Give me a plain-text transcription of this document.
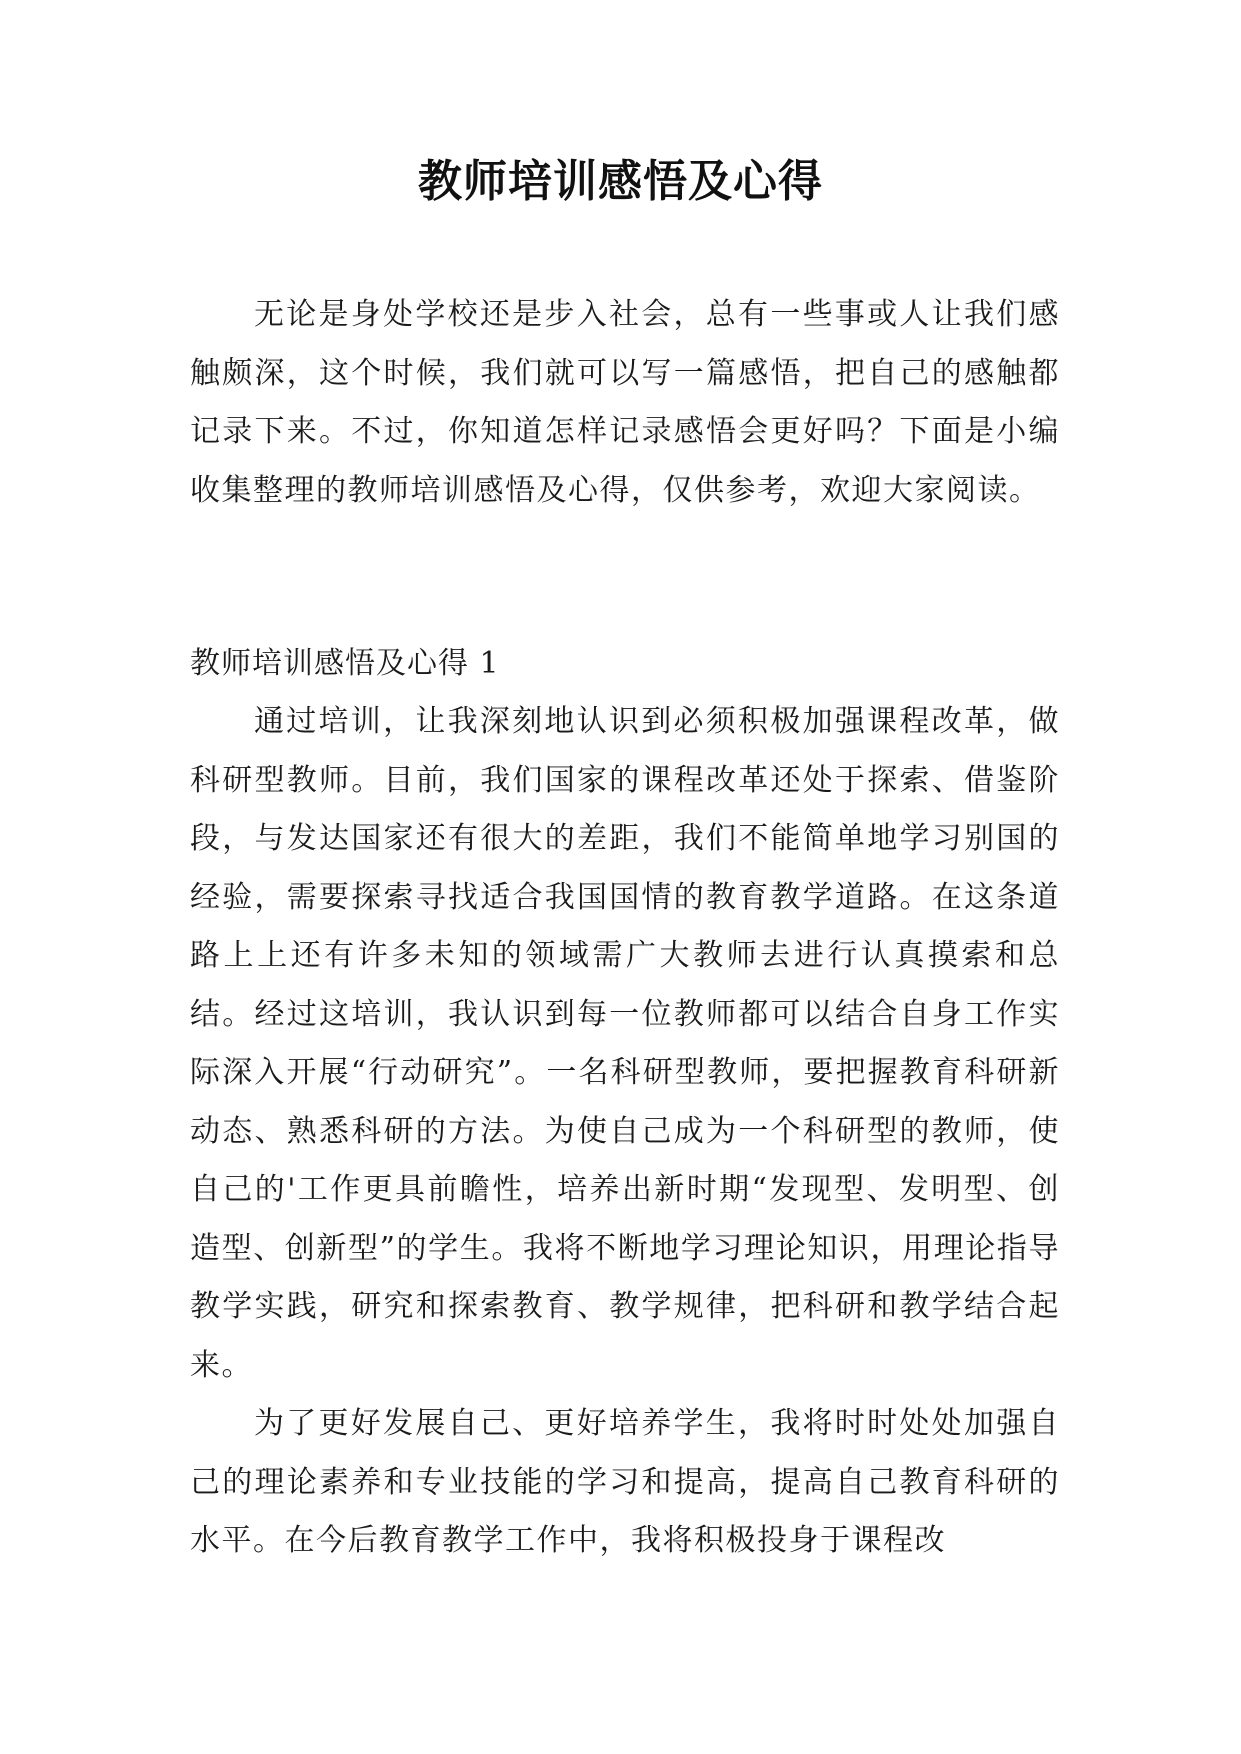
教师培训感悟及心得

无论是身处学校还是步入社会，总有一些事或人让我们感触颇深，这个时候，我们就可以写一篇感悟，把自己的感触都记录下来。不过，你知道怎样记录感悟会更好吗？下面是小编收集整理的教师培训感悟及心得，仅供参考，欢迎大家阅读。

教师培训感悟及心得 1

通过培训，让我深刻地认识到必须积极加强课程改革，做科研型教师。目前，我们国家的课程改革还处于探索、借鉴阶段，与发达国家还有很大的差距，我们不能简单地学习别国的经验，需要探索寻找适合我国国情的教育教学道路。在这条道路上上还有许多未知的领域需广大教师去进行认真摸索和总结。经过这培训，我认识到每一位教师都可以结合自身工作实际深入开展“行动研究”。一名科研型教师，要把握教育科研新动态、熟悉科研的方法。为使自己成为一个科研型的教师，使自己的'工作更具前瞻性，培养出新时期“发现型、发明型、创造型、创新型”的学生。我将不断地学习理论知识，用理论指导教学实践，研究和探索教育、教学规律，把科研和教学结合起来。

为了更好发展自己、更好培养学生，我将时时处处加强自己的理论素养和专业技能的学习和提高，提高自己教育科研的水平。在今后教育教学工作中，我将积极投身于课程改
